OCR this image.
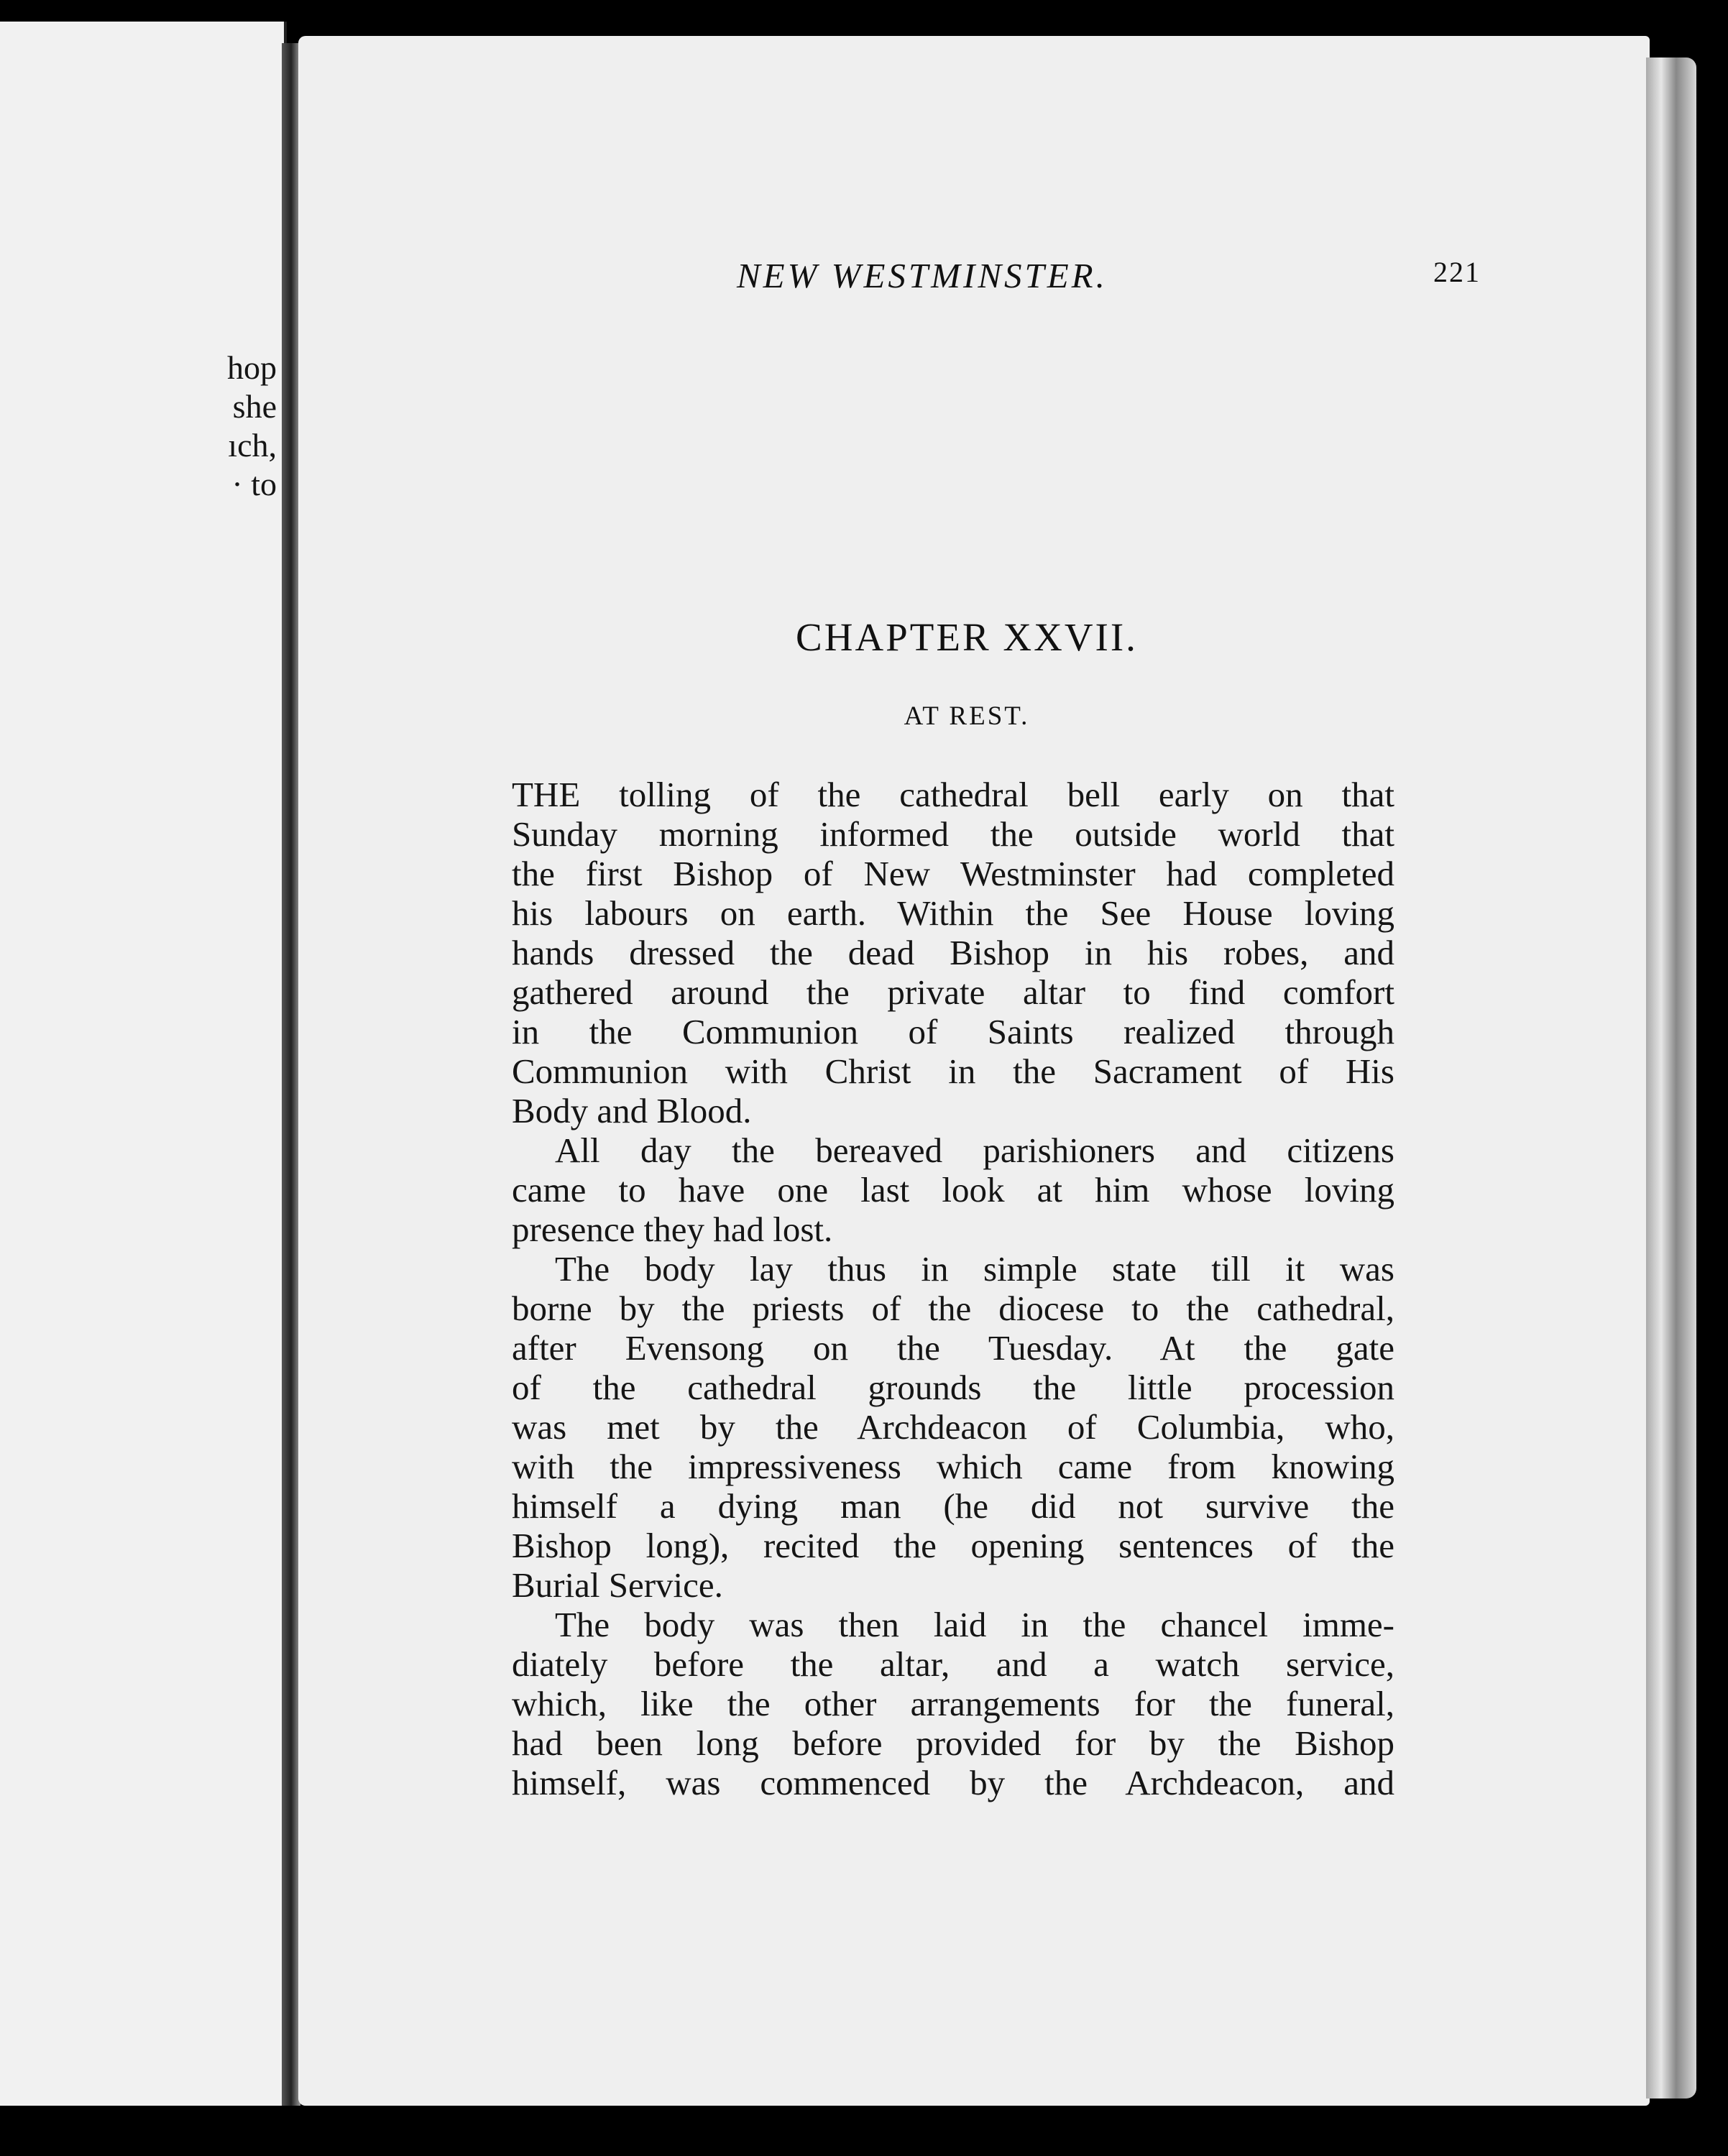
hop
she
ıch,
· to
NEW WESTMINSTER.	221
CHAPTER XXVII.
AT REST.
THE tolling of the cathedral bell early on that
Sunday morning informed the outside world that
the first Bishop of New Westminster had completed
his labours on earth. Within the See House loving
hands dressed the dead Bishop in his robes, and
gathered around the private altar to find comfort
in the Communion of Saints realized through
Communion with Christ in the Sacrament of His
Body and Blood.
All day the bereaved parishioners and citizens
came to have one last look at him whose loving
presence they had lost.
The body lay thus in simple state till it was
borne by the priests of the diocese to the cathedral,
after Evensong on the Tuesday. At the gate
of the cathedral grounds the little procession
was met by the Archdeacon of Columbia, who,
with the impressiveness which came from knowing
himself a dying man (he did not survive the
Bishop long), recited the opening sentences of the
Burial Service.
The body was then laid in the chancel imme-
diately before the altar, and a watch service,
which, like the other arrangements for the funeral,
had been long before provided for by the Bishop
himself, was commenced by the Archdeacon, and
